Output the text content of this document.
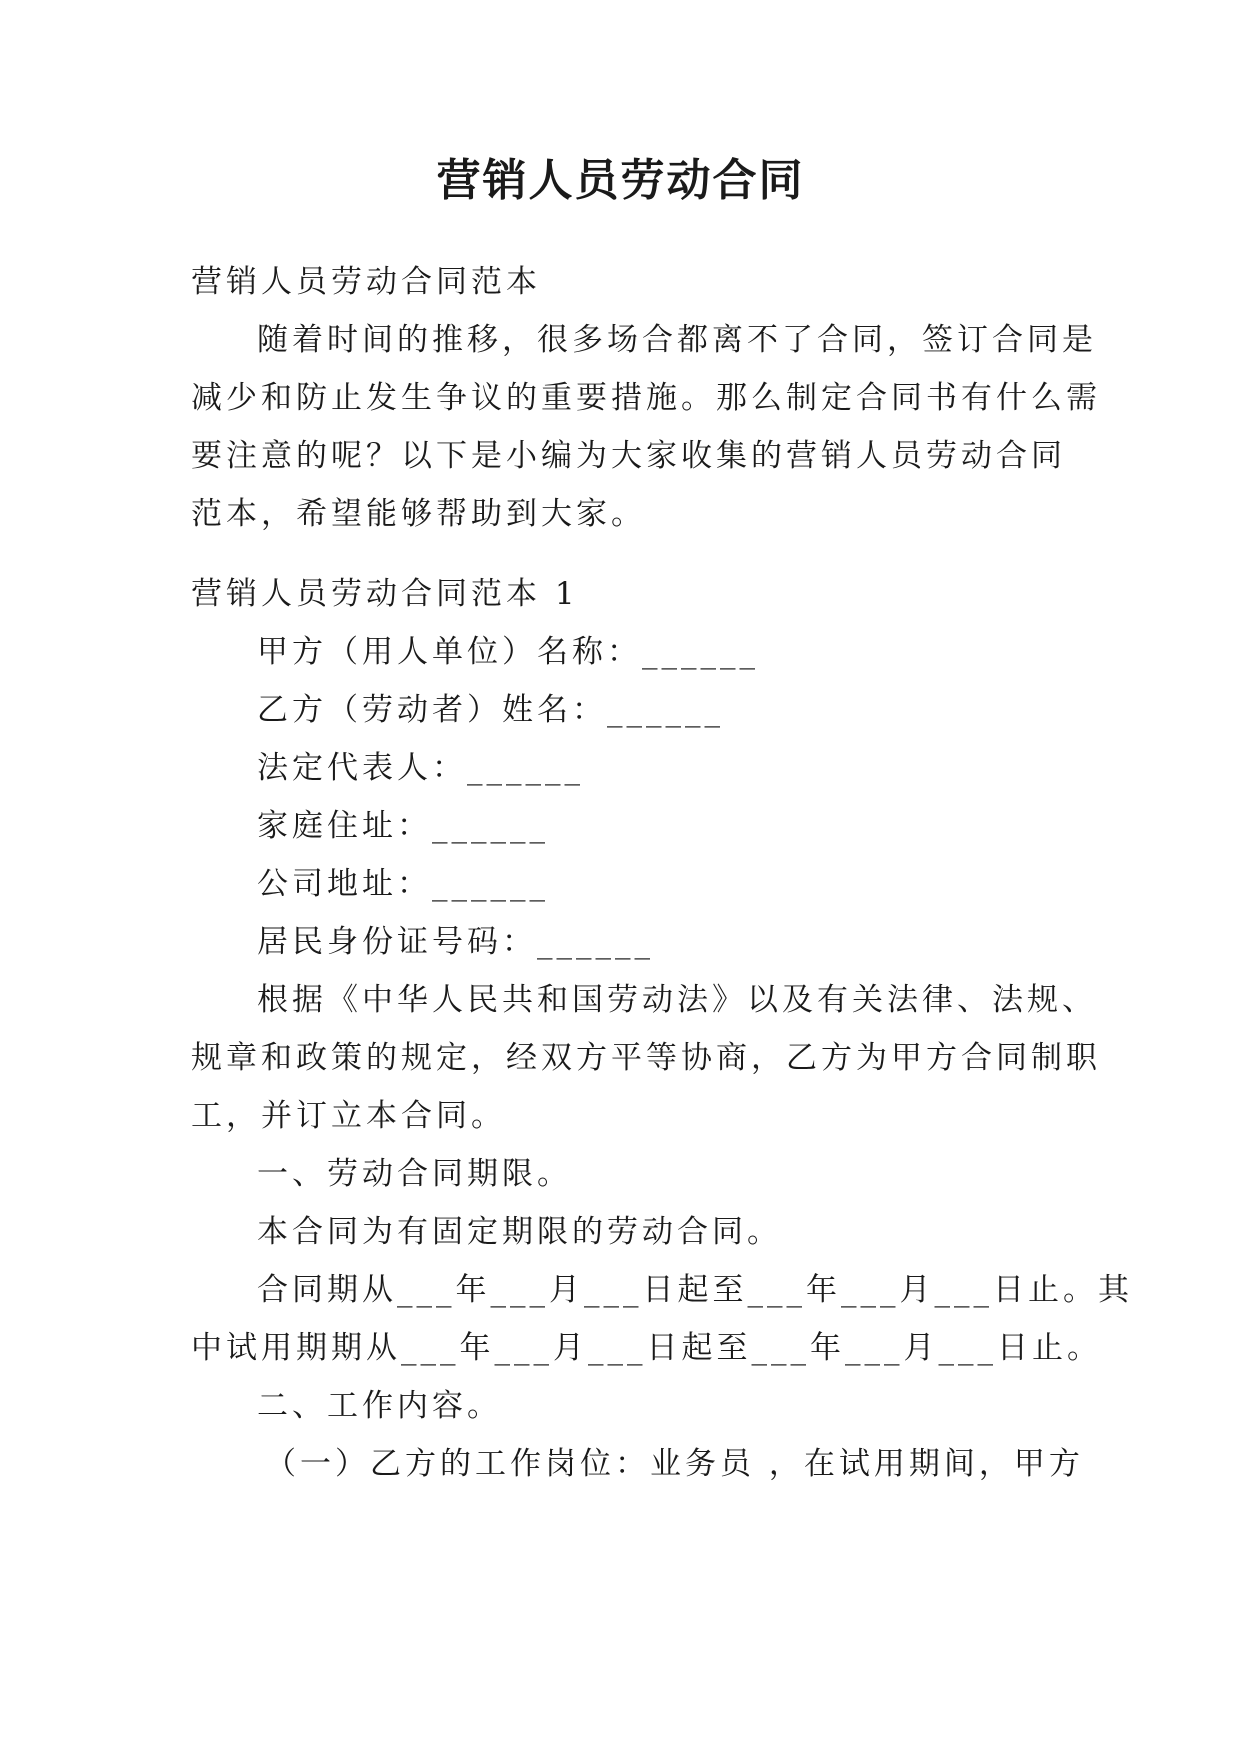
营销人员劳动合同
营销人员劳动合同范本
随着时间的推移，很多场合都离不了合同，签订合同是
减少和防止发生争议的重要措施。那么制定合同书有什么需
要注意的呢？以下是小编为大家收集的营销人员劳动合同
范本，希望能够帮助到大家。
营销人员劳动合同范本 1
甲方（用人单位）名称：______
乙方（劳动者）姓名：______
法定代表人：______
家庭住址：______
公司地址：______
居民身份证号码：______
根据《中华人民共和国劳动法》以及有关法律、法规、
规章和政策的规定，经双方平等协商，乙方为甲方合同制职
工，并订立本合同。
一、劳动合同期限。
本合同为有固定期限的劳动合同。
合同期从___年___月___日起至___年___月___日止。其
中试用期期从___年___月___日起至___年___月___日止。
二、工作内容。
（一）乙方的工作岗位：业务员 ，在试用期间，甲方
